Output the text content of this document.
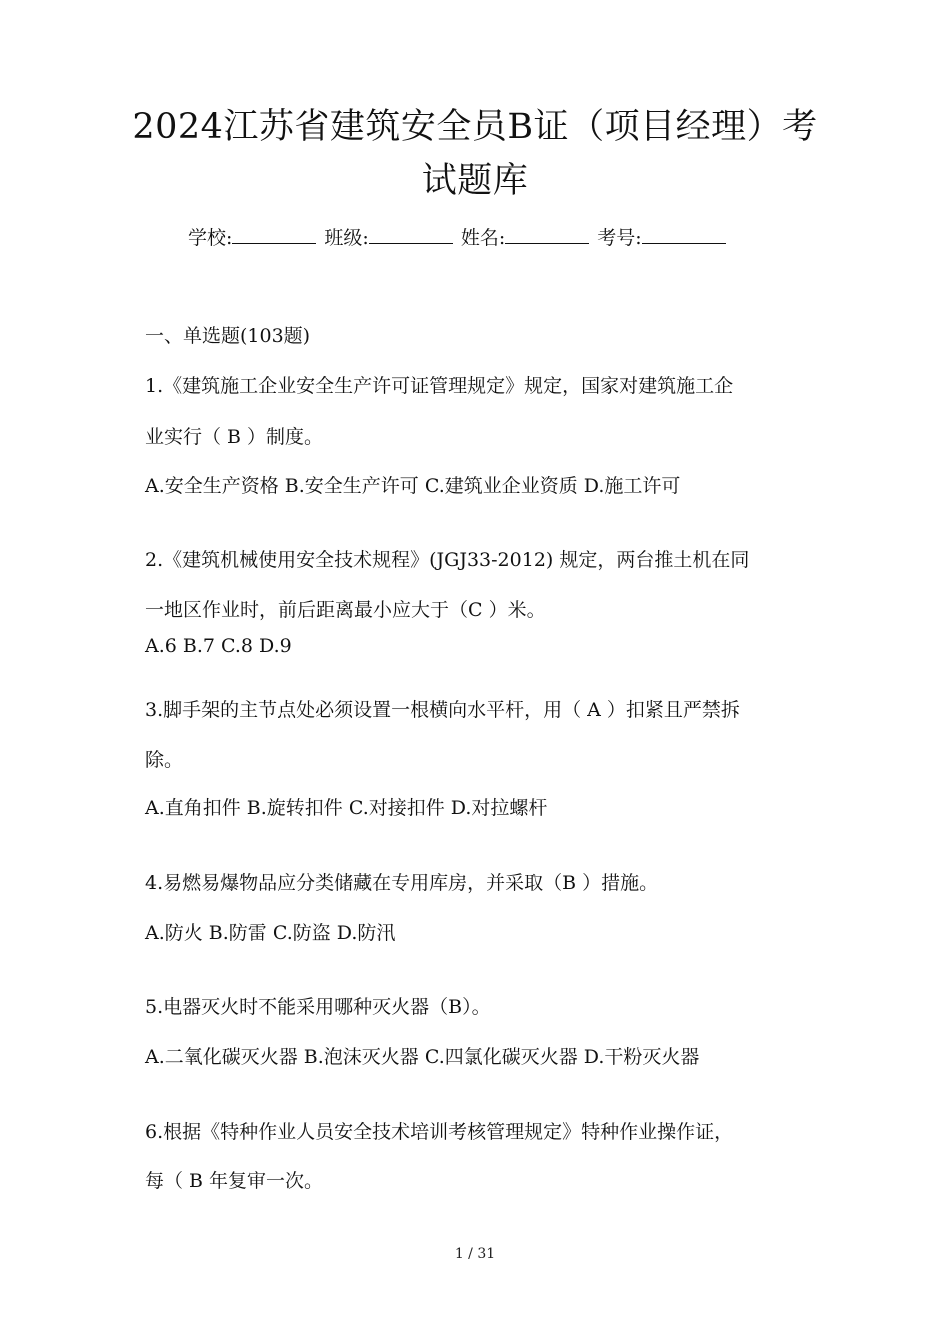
2024江苏省建筑安全员B证（项目经理）考
试题库
学校:	班级:	姓名:	考号:
一、单选题(103题)
1.《建筑施工企业安全生产许可证管理规定》规定，国家对建筑施工企
业实行（ B ）制度。
A.安全生产资格 B.安全生产许可 C.建筑业企业资质 D.施工许可
2.《建筑机械使用安全技术规程》(JGJ33-2012) 规定，两台推土机在同
一地区作业时，前后距离最小应大于（C ）米。
A.6 B.7 C.8 D.9
3.脚手架的主节点处必须设置一根横向水平杆，用（ A ）扣紧且严禁拆
除。
A.直角扣件 B.旋转扣件 C.对接扣件 D.对拉螺杆
4.易燃易爆物品应分类储藏在专用库房，并采取（B ）措施。
A.防火 B.防雷 C.防盗 D.防汛
5.电器灭火时不能采用哪种灭火器（B）。
A.二氧化碳灭火器 B.泡沫灭火器 C.四氯化碳灭火器 D.干粉灭火器
6.根据《特种作业人员安全技术培训考核管理规定》特种作业操作证，
每（ B 年复审一次。
1 / 31
